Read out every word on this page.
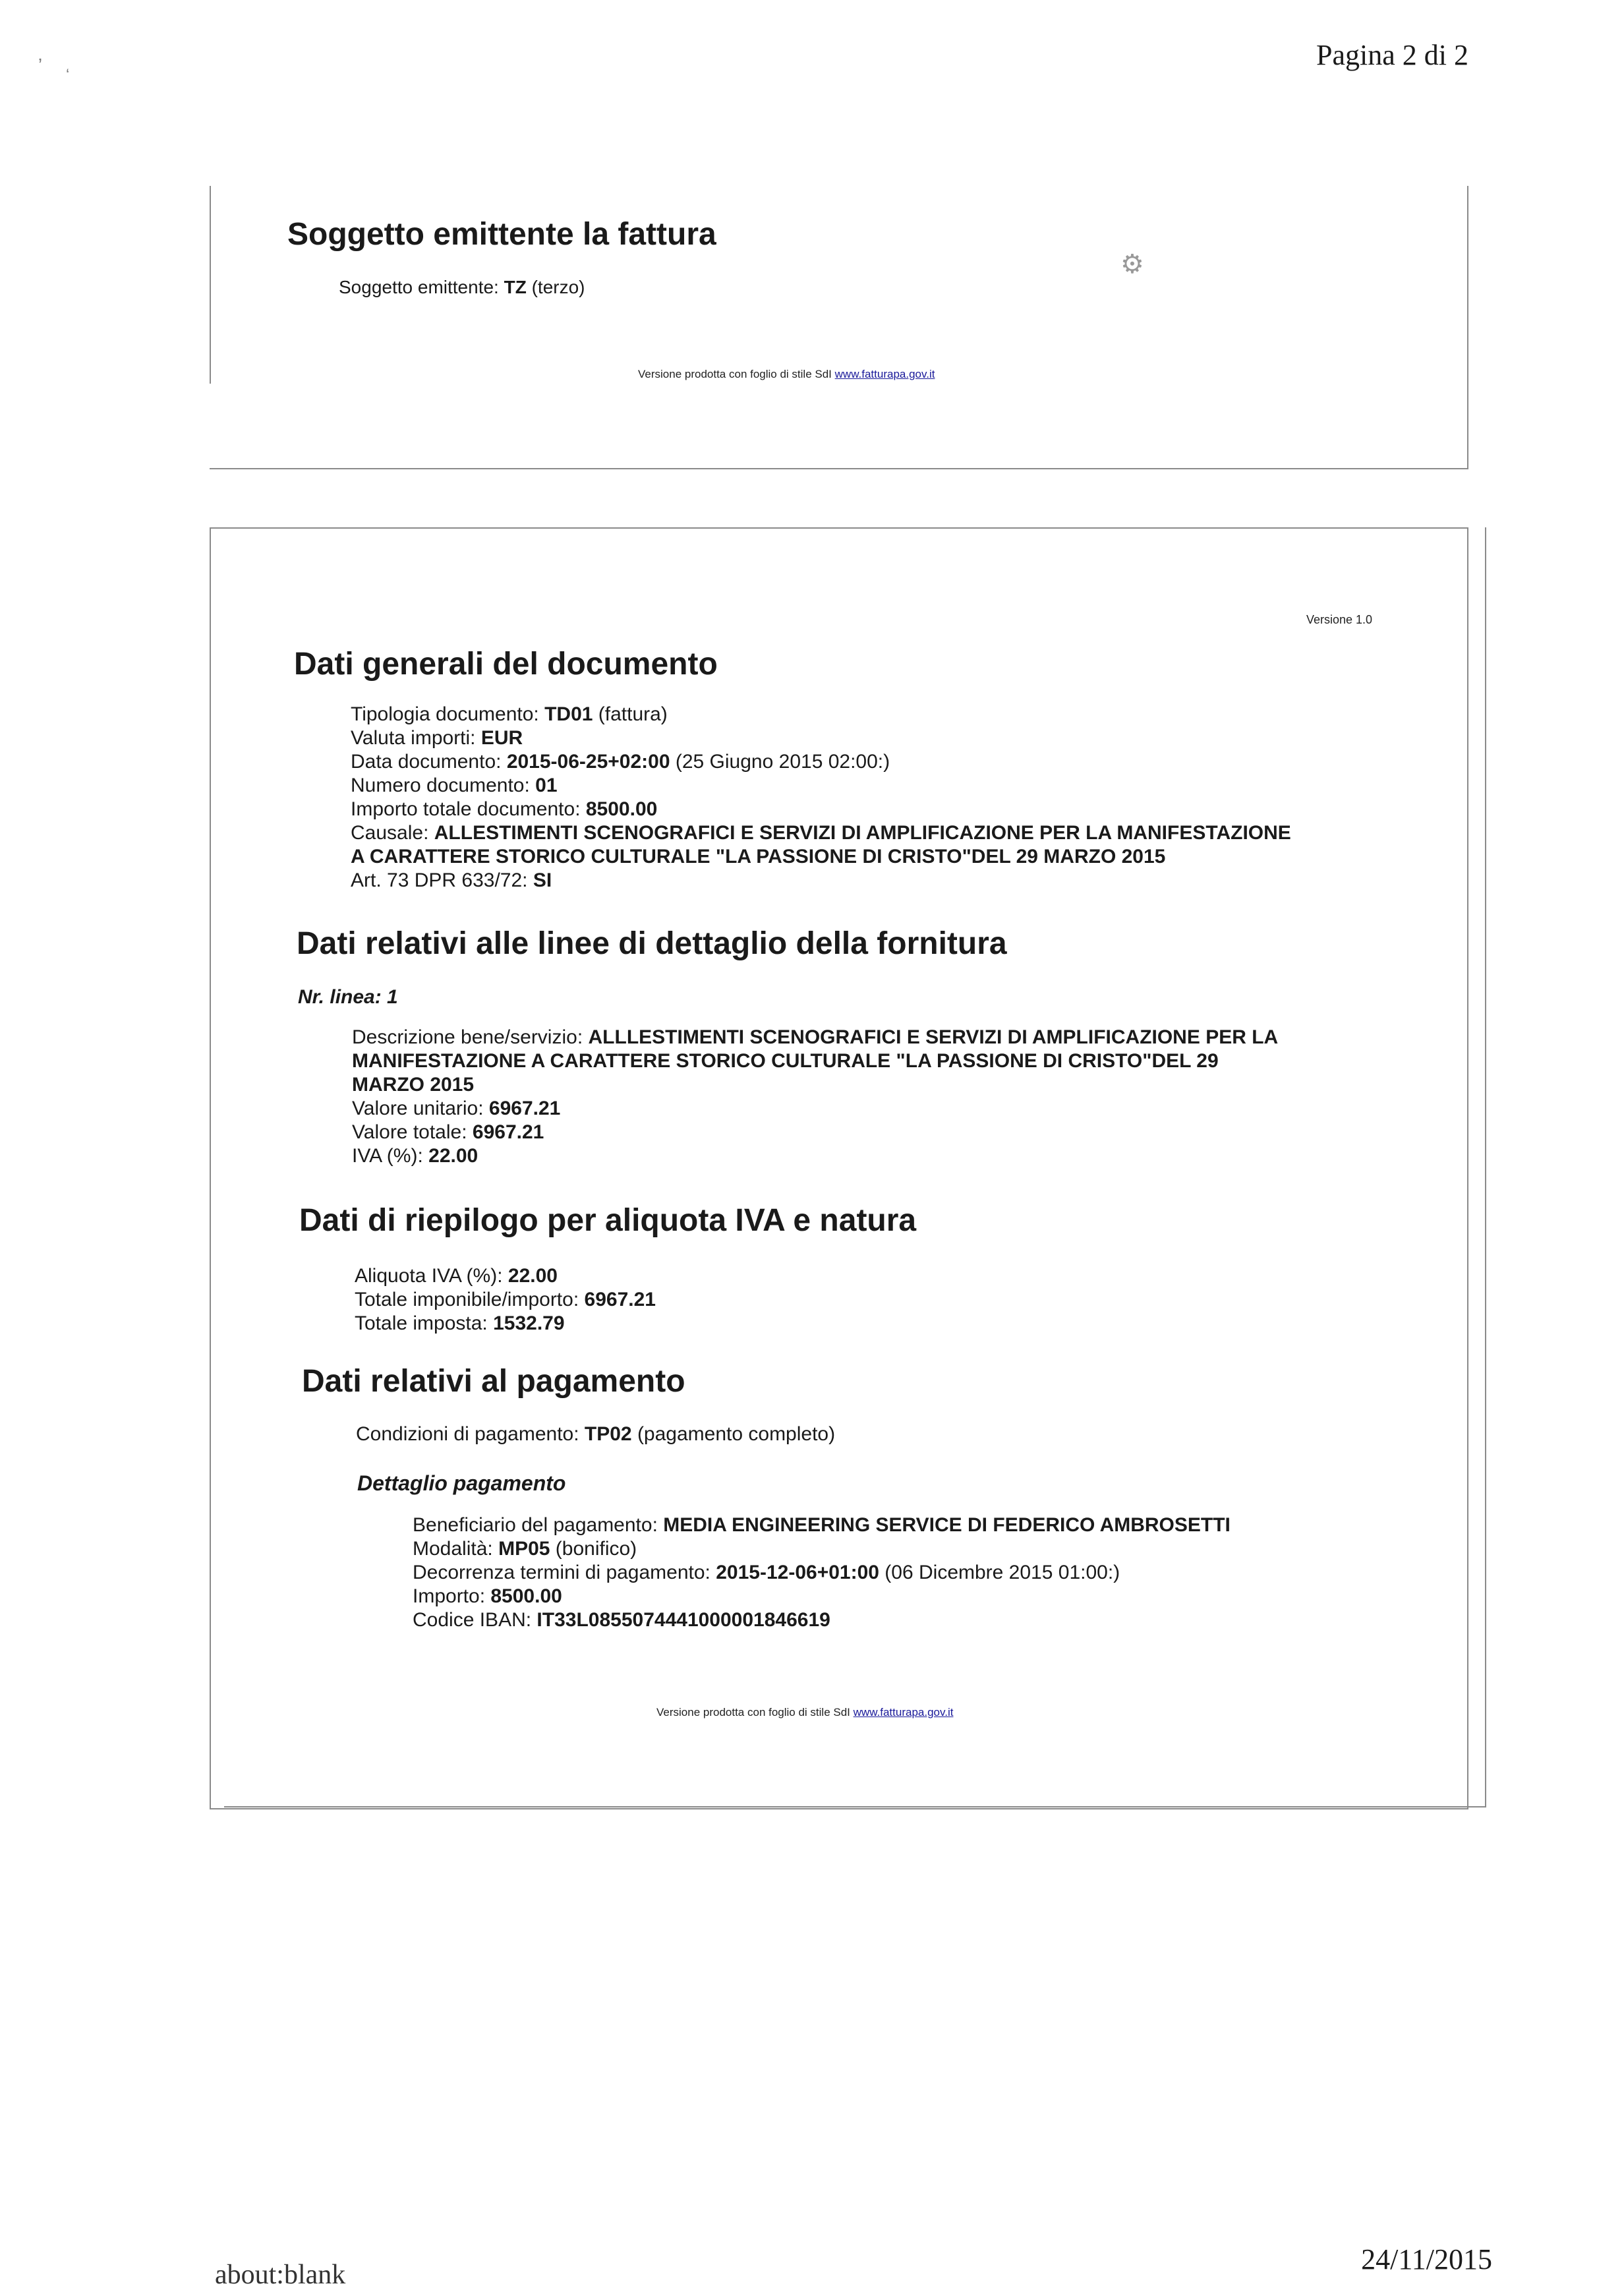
Pagina 2 di 2
ʼ ‘
⚙
Soggetto emittente la fattura
Soggetto emittente: TZ (terzo)
Versione prodotta con foglio di stile SdI www.fatturapa.gov.it
Versione 1.0
Dati generali del documento
Tipologia documento: TD01 (fattura)
Valuta importi: EUR
Data documento: 2015-06-25+02:00 (25 Giugno 2015 02:00:)
Numero documento: 01
Importo totale documento: 8500.00
Causale: ALLESTIMENTI SCENOGRAFICI E SERVIZI DI AMPLIFICAZIONE PER LA MANIFESTAZIONE
A CARATTERE STORICO CULTURALE "LA PASSIONE DI CRISTO"DEL 29 MARZO 2015
Art. 73 DPR 633/72: SI
Dati relativi alle linee di dettaglio della fornitura
Nr. linea: 1
Descrizione bene/servizio: ALLLESTIMENTI SCENOGRAFICI E SERVIZI DI AMPLIFICAZIONE PER LA
MANIFESTAZIONE A CARATTERE STORICO CULTURALE "LA PASSIONE DI CRISTO"DEL 29
MARZO 2015
Valore unitario: 6967.21
Valore totale: 6967.21
IVA (%): 22.00
Dati di riepilogo per aliquota IVA e natura
Aliquota IVA (%): 22.00
Totale imponibile/importo: 6967.21
Totale imposta: 1532.79
Dati relativi al pagamento
Condizioni di pagamento: TP02 (pagamento completo)
Dettaglio pagamento
Beneficiario del pagamento: MEDIA ENGINEERING SERVICE DI FEDERICO AMBROSETTI
Modalità: MP05 (bonifico)
Decorrenza termini di pagamento: 2015-12-06+01:00 (06 Dicembre 2015 01:00:)
Importo: 8500.00
Codice IBAN: IT33L0855074441000001846619
Versione prodotta con foglio di stile SdI www.fatturapa.gov.it
about:blank	24/11/2015
